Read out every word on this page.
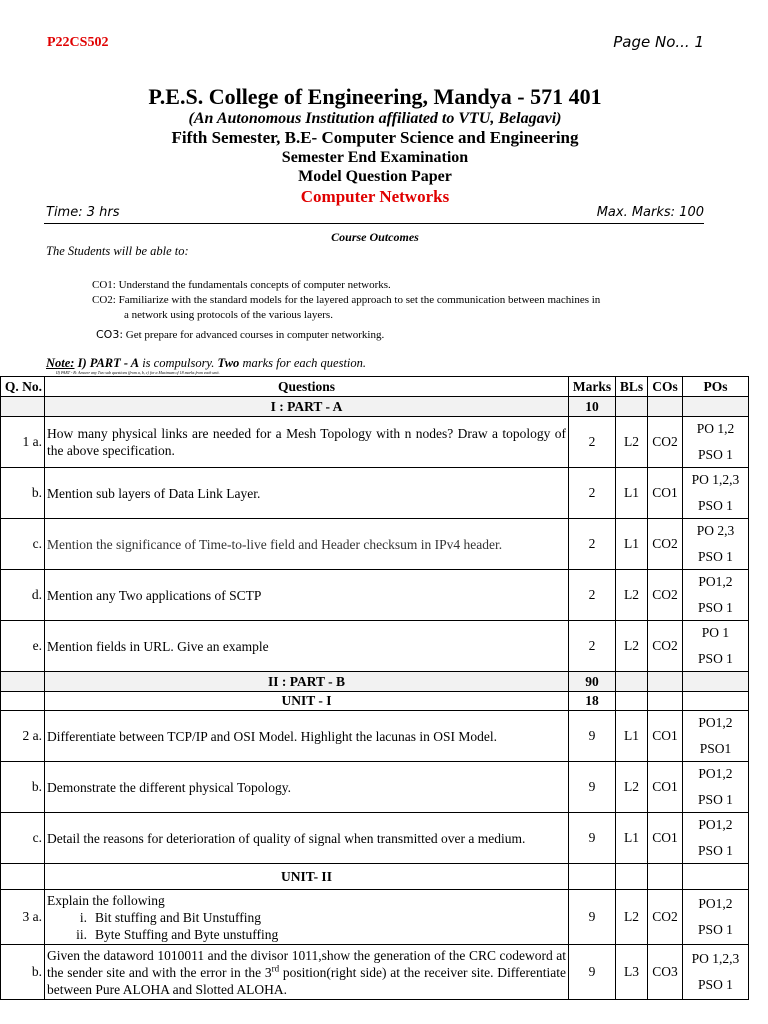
P22CS502	Page No... 1
P.E.S. College of Engineering, Mandya - 571 401
(An Autonomous Institution affiliated to VTU, Belagavi)
Fifth Semester, B.E- Computer Science and Engineering
Semester End Examination
Model Question Paper
Computer Networks
Time: 3 hrs	Max. Marks: 100
Course Outcomes
The Students will be able to:
CO1: Understand the fundamentals concepts of computer networks.
CO2: Familiarize with the standard models for the layered approach to set the communication between machines in
a network using protocols of the various layers.
CO3: Get prepare for advanced courses in computer networking.
Note: I) PART - A is compulsory. Two marks for each question.
II) PART - B: Answer any Two sub questions (from a, b, c) for a Maximum of 18 marks from each unit.
Q. No.	Questions	Marks	BLs	COs	POs
	I : PART - A	10			
1 a.	How many physical links are needed for a Mesh Topology with n nodes? Draw a topology of the above specification.	2	L2	CO2	PO 1,2
PSO 1

b.	Mention sub layers of Data Link Layer.	2	L1	CO1	PO 1,2,3
PSO 1

c.	Mention the significance of Time-to-live field and Header checksum in IPv4 header.	2	L1	CO2	PO 2,3
PSO 1

d.	Mention any Two applications of SCTP	2	L2	CO2	PO1,2
PSO 1

e.	Mention fields in URL. Give an example	2	L2	CO2	PO 1
PSO 1

	II : PART - B	90			
	UNIT - I	18			
2 a.	Differentiate between TCP/IP and OSI Model. Highlight the lacunas in OSI Model.	9	L1	CO1	PO1,2
PSO1

b.	Demonstrate the different physical Topology.	9	L2	CO1	PO1,2
PSO 1

c.	Detail the reasons for deterioration of quality of signal when transmitted over a medium.	9	L1	CO1	PO1,2
PSO 1

	UNIT- II				
3 a.	Explain the following
i. Bit stuffing and Bit Unstuffing
ii. Byte Stuffing and Byte unstuffing	9	L2	CO2	PO1,2
PSO 1

b.	Given the dataword 1010011 and the divisor 1011,show the generation of the CRC codeword at the sender site and with the error in the 3rd position(right side) at the receiver site. Differentiate between Pure ALOHA and Slotted ALOHA.	9	L3	CO3	PO 1,2,3
PSO 1
